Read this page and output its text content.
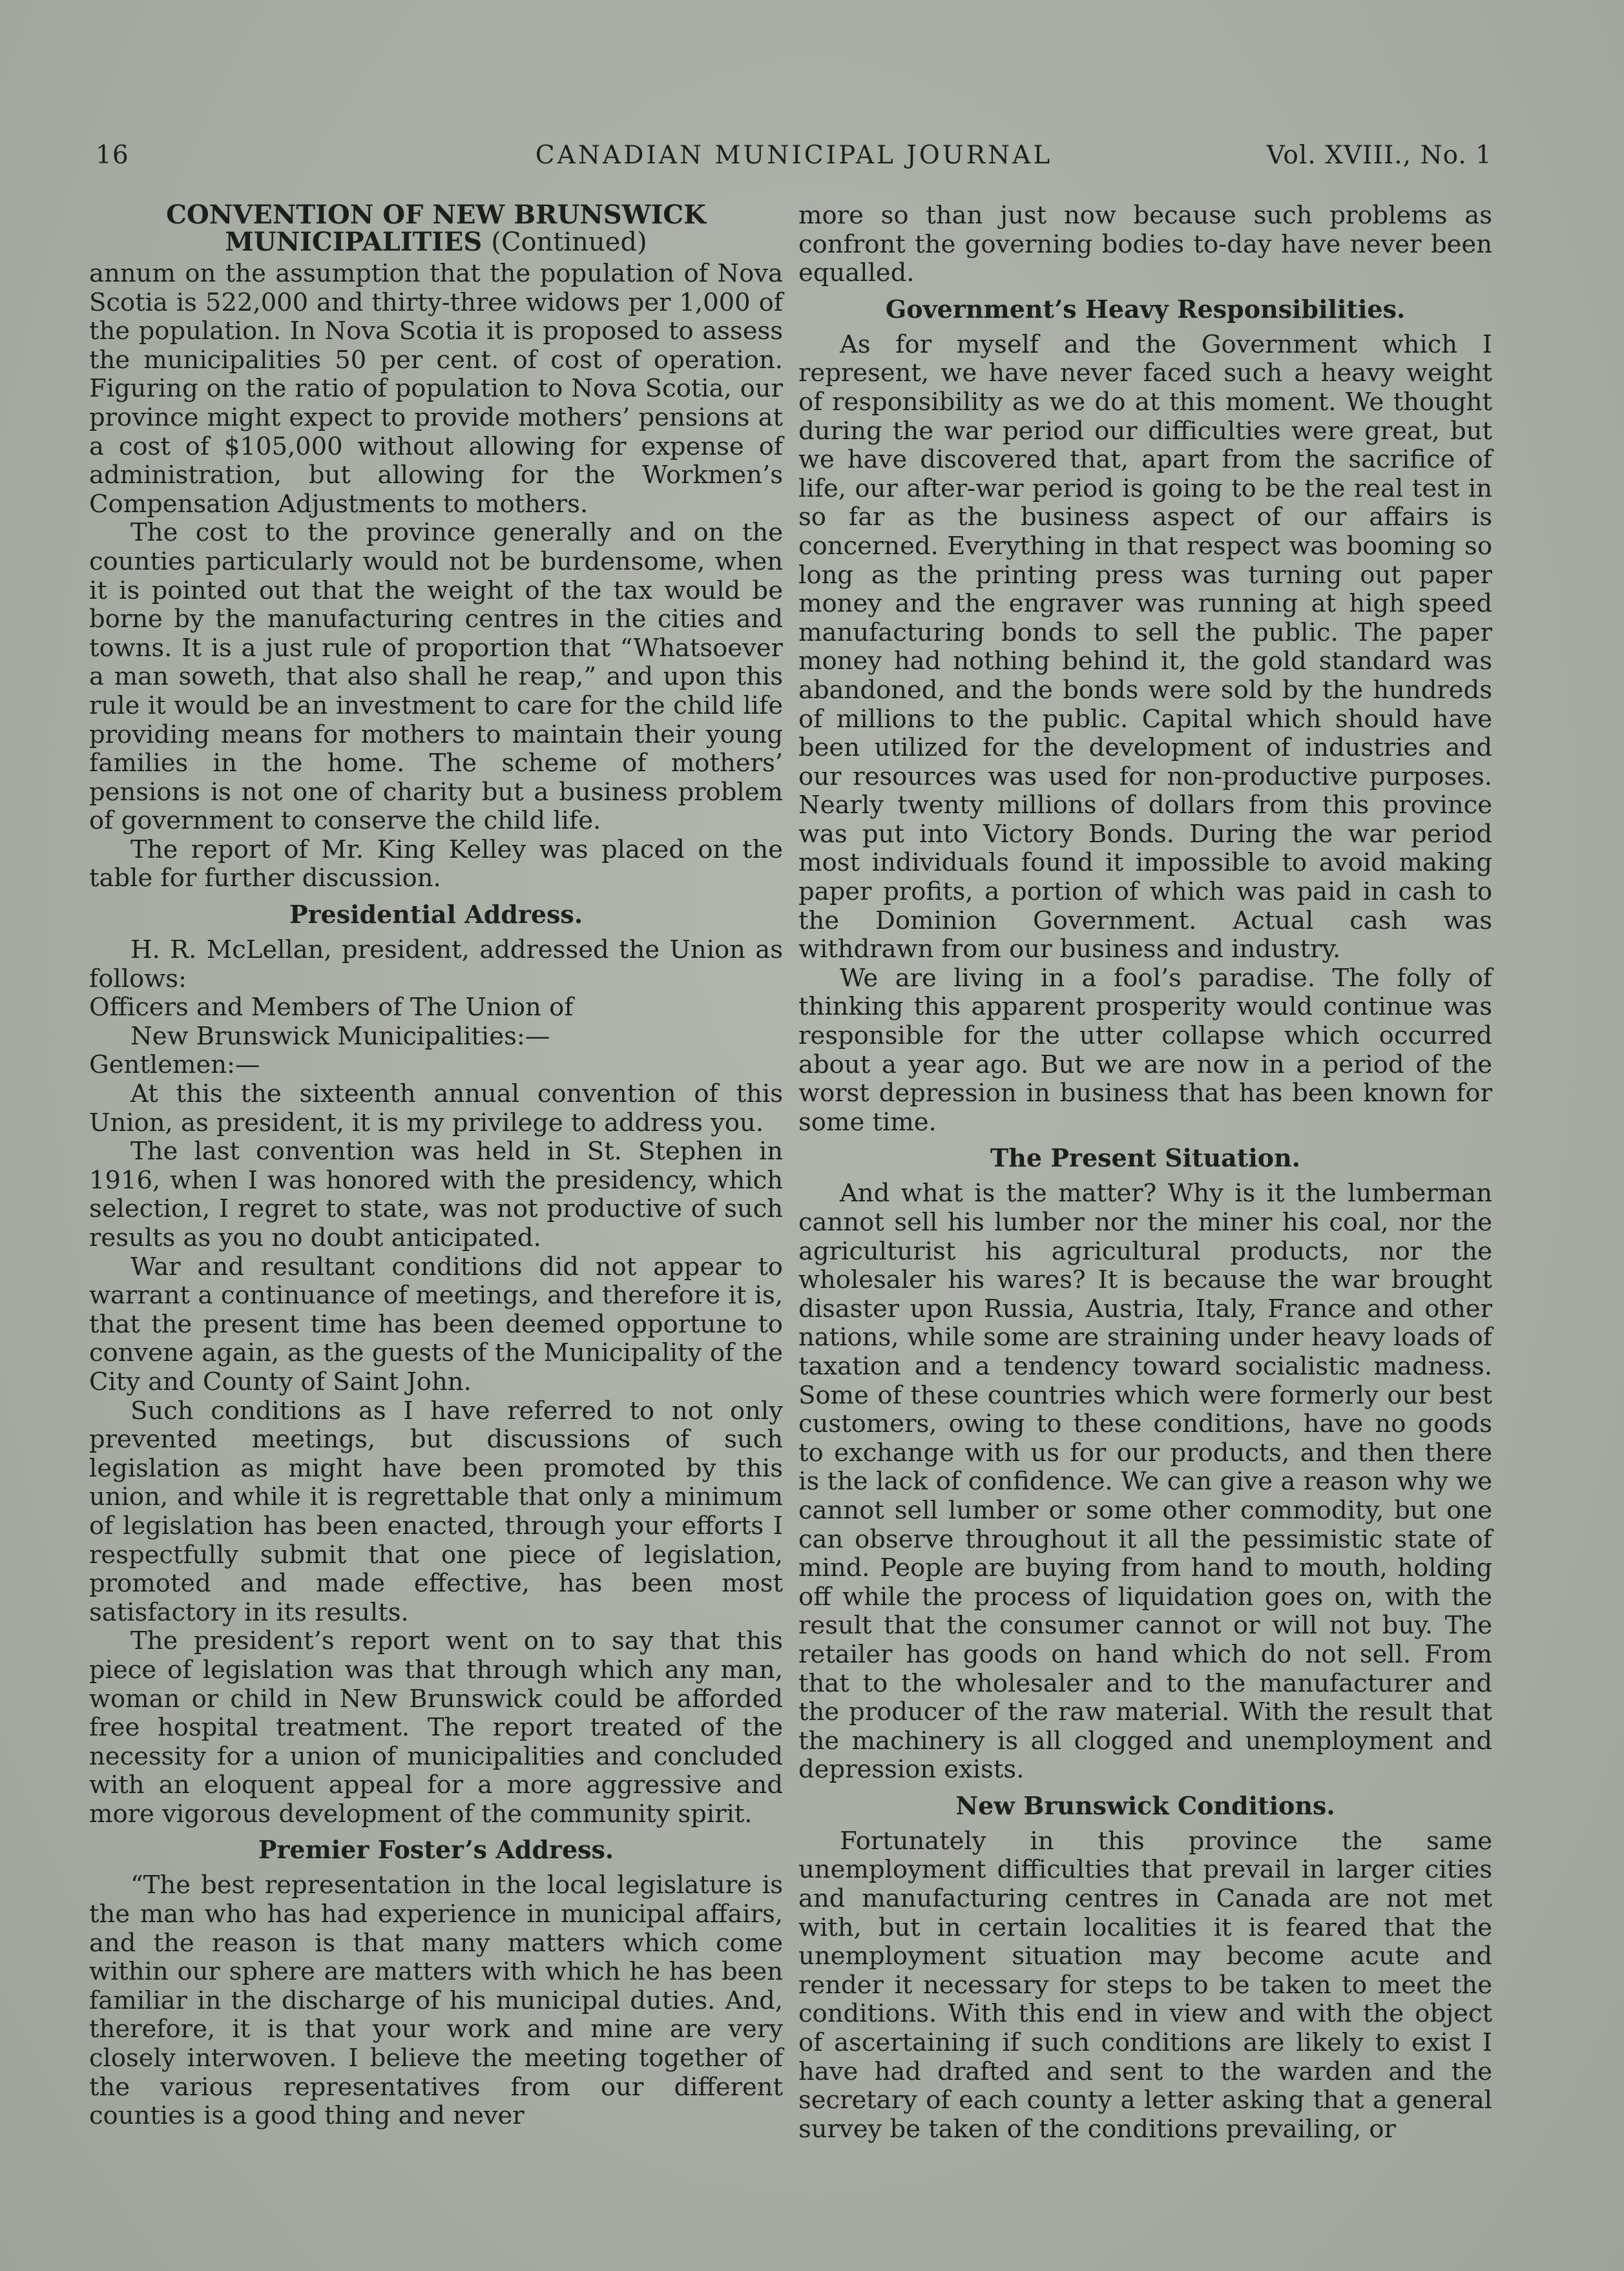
16	CANADIAN MUNICIPAL JOURNAL	Vol. XVIII., No. 1
CONVENTION OF NEW BRUNSWICK
MUNICIPALITIES (Continued)

annum on the assumption that the population of Nova Scotia is 522,000 and thirty-three widows per 1,000 of the population. In Nova Scotia it is proposed to assess the municipalities 50 per cent. of cost of operation. Figuring on the ratio of population to Nova Scotia, our province might expect to provide mothers’ pensions at a cost of $105,000 without allowing for expense of administration, but allowing for the Workmen’s Compensation Adjustments to mothers.

The cost to the province generally and on the counties particularly would not be burdensome, when it is pointed out that the weight of the tax would be borne by the manufacturing centres in the cities and towns. It is a just rule of proportion that “Whatsoever a man soweth, that also shall he reap,” and upon this rule it would be an investment to care for the child life providing means for mothers to maintain their young families in the home. The scheme of mothers’ pensions is not one of charity but a business problem of government to conserve the child life.

The report of Mr. King Kelley was placed on the table for further discussion.

Presidential Address.

H. R. McLellan, president, addressed the Union as follows:

Officers and Members of The Union of

New Brunswick Municipalities:—

Gentlemen:—

At this the sixteenth annual convention of this Union, as president, it is my privilege to address you.

The last convention was held in St. Stephen in 1916, when I was honored with the presidency, which selection, I regret to state, was not productive of such results as you no doubt anticipated.

War and resultant conditions did not appear to warrant a continuance of meetings, and therefore it is, that the present time has been deemed opportune to convene again, as the guests of the Municipality of the City and County of Saint John.

Such conditions as I have referred to not only prevented meetings, but discussions of such legislation as might have been promoted by this union, and while it is regrettable that only a minimum of legislation has been enacted, through your efforts I respectfully submit that one piece of legislation, promoted and made effective, has been most satisfactory in its results.

The president’s report went on to say that this piece of legislation was that through which any man, woman or child in New Brunswick could be afforded free hospital treatment. The report treated of the necessity for a union of municipalities and concluded with an eloquent appeal for a more aggressive and more vigorous development of the community spirit.

Premier Foster’s Address.

“The best representation in the local legislature is the man who has had experience in municipal affairs, and the reason is that many matters which come within our sphere are matters with which he has been familiar in the discharge of his municipal duties. And, therefore, it is that your work and mine are very closely interwoven. I believe the meeting together of the various representatives from our different counties is a good thing and never

more so than just now because such problems as confront the governing bodies to-day have never been equalled.

Government’s Heavy Responsibilities.

As for myself and the Government which I represent, we have never faced such a heavy weight of responsibility as we do at this moment. We thought during the war period our difficulties were great, but we have discovered that, apart from the sacrifice of life, our after-war period is going to be the real test in so far as the business aspect of our affairs is concerned. Everything in that respect was booming so long as the printing press was turning out paper money and the engraver was running at high speed manufacturing bonds to sell the public. The paper money had nothing behind it, the gold standard was abandoned, and the bonds were sold by the hundreds of millions to the public. Capital which should have been utilized for the development of industries and our resources was used for non-productive purposes. Nearly twenty millions of dollars from this province was put into Victory Bonds. During the war period most individuals found it impossible to avoid making paper profits, a portion of which was paid in cash to the Dominion Government. Actual cash was withdrawn from our business and industry.

We are living in a fool’s paradise. The folly of thinking this apparent prosperity would continue was responsible for the utter collapse which occurred about a year ago. But we are now in a period of the worst depression in business that has been known for some time.

The Present Situation.

And what is the matter? Why is it the lumberman cannot sell his lumber nor the miner his coal, nor the agriculturist his agricultural products, nor the wholesaler his wares? It is because the war brought disaster upon Russia, Austria, Italy, France and other nations, while some are straining under heavy loads of taxation and a tendency toward socialistic madness. Some of these countries which were formerly our best customers, owing to these conditions, have no goods to exchange with us for our products, and then there is the lack of confidence. We can give a reason why we cannot sell lumber or some other commodity, but one can observe throughout it all the pessimistic state of mind. People are buying from hand to mouth, holding off while the process of liquidation goes on, with the result that the consumer cannot or will not buy. The retailer has goods on hand which do not sell. From that to the wholesaler and to the manufacturer and the producer of the raw material. With the result that the machinery is all clogged and unemployment and depression exists.

New Brunswick Conditions.

Fortunately in this province the same unemployment difficulties that prevail in larger cities and manufacturing centres in Canada are not met with, but in certain localities it is feared that the unemployment situation may become acute and render it necessary for steps to be taken to meet the conditions. With this end in view and with the object of ascertaining if such conditions are likely to exist I have had drafted and sent to the warden and the secretary of each county a letter asking that a general survey be taken of the conditions prevailing, or
